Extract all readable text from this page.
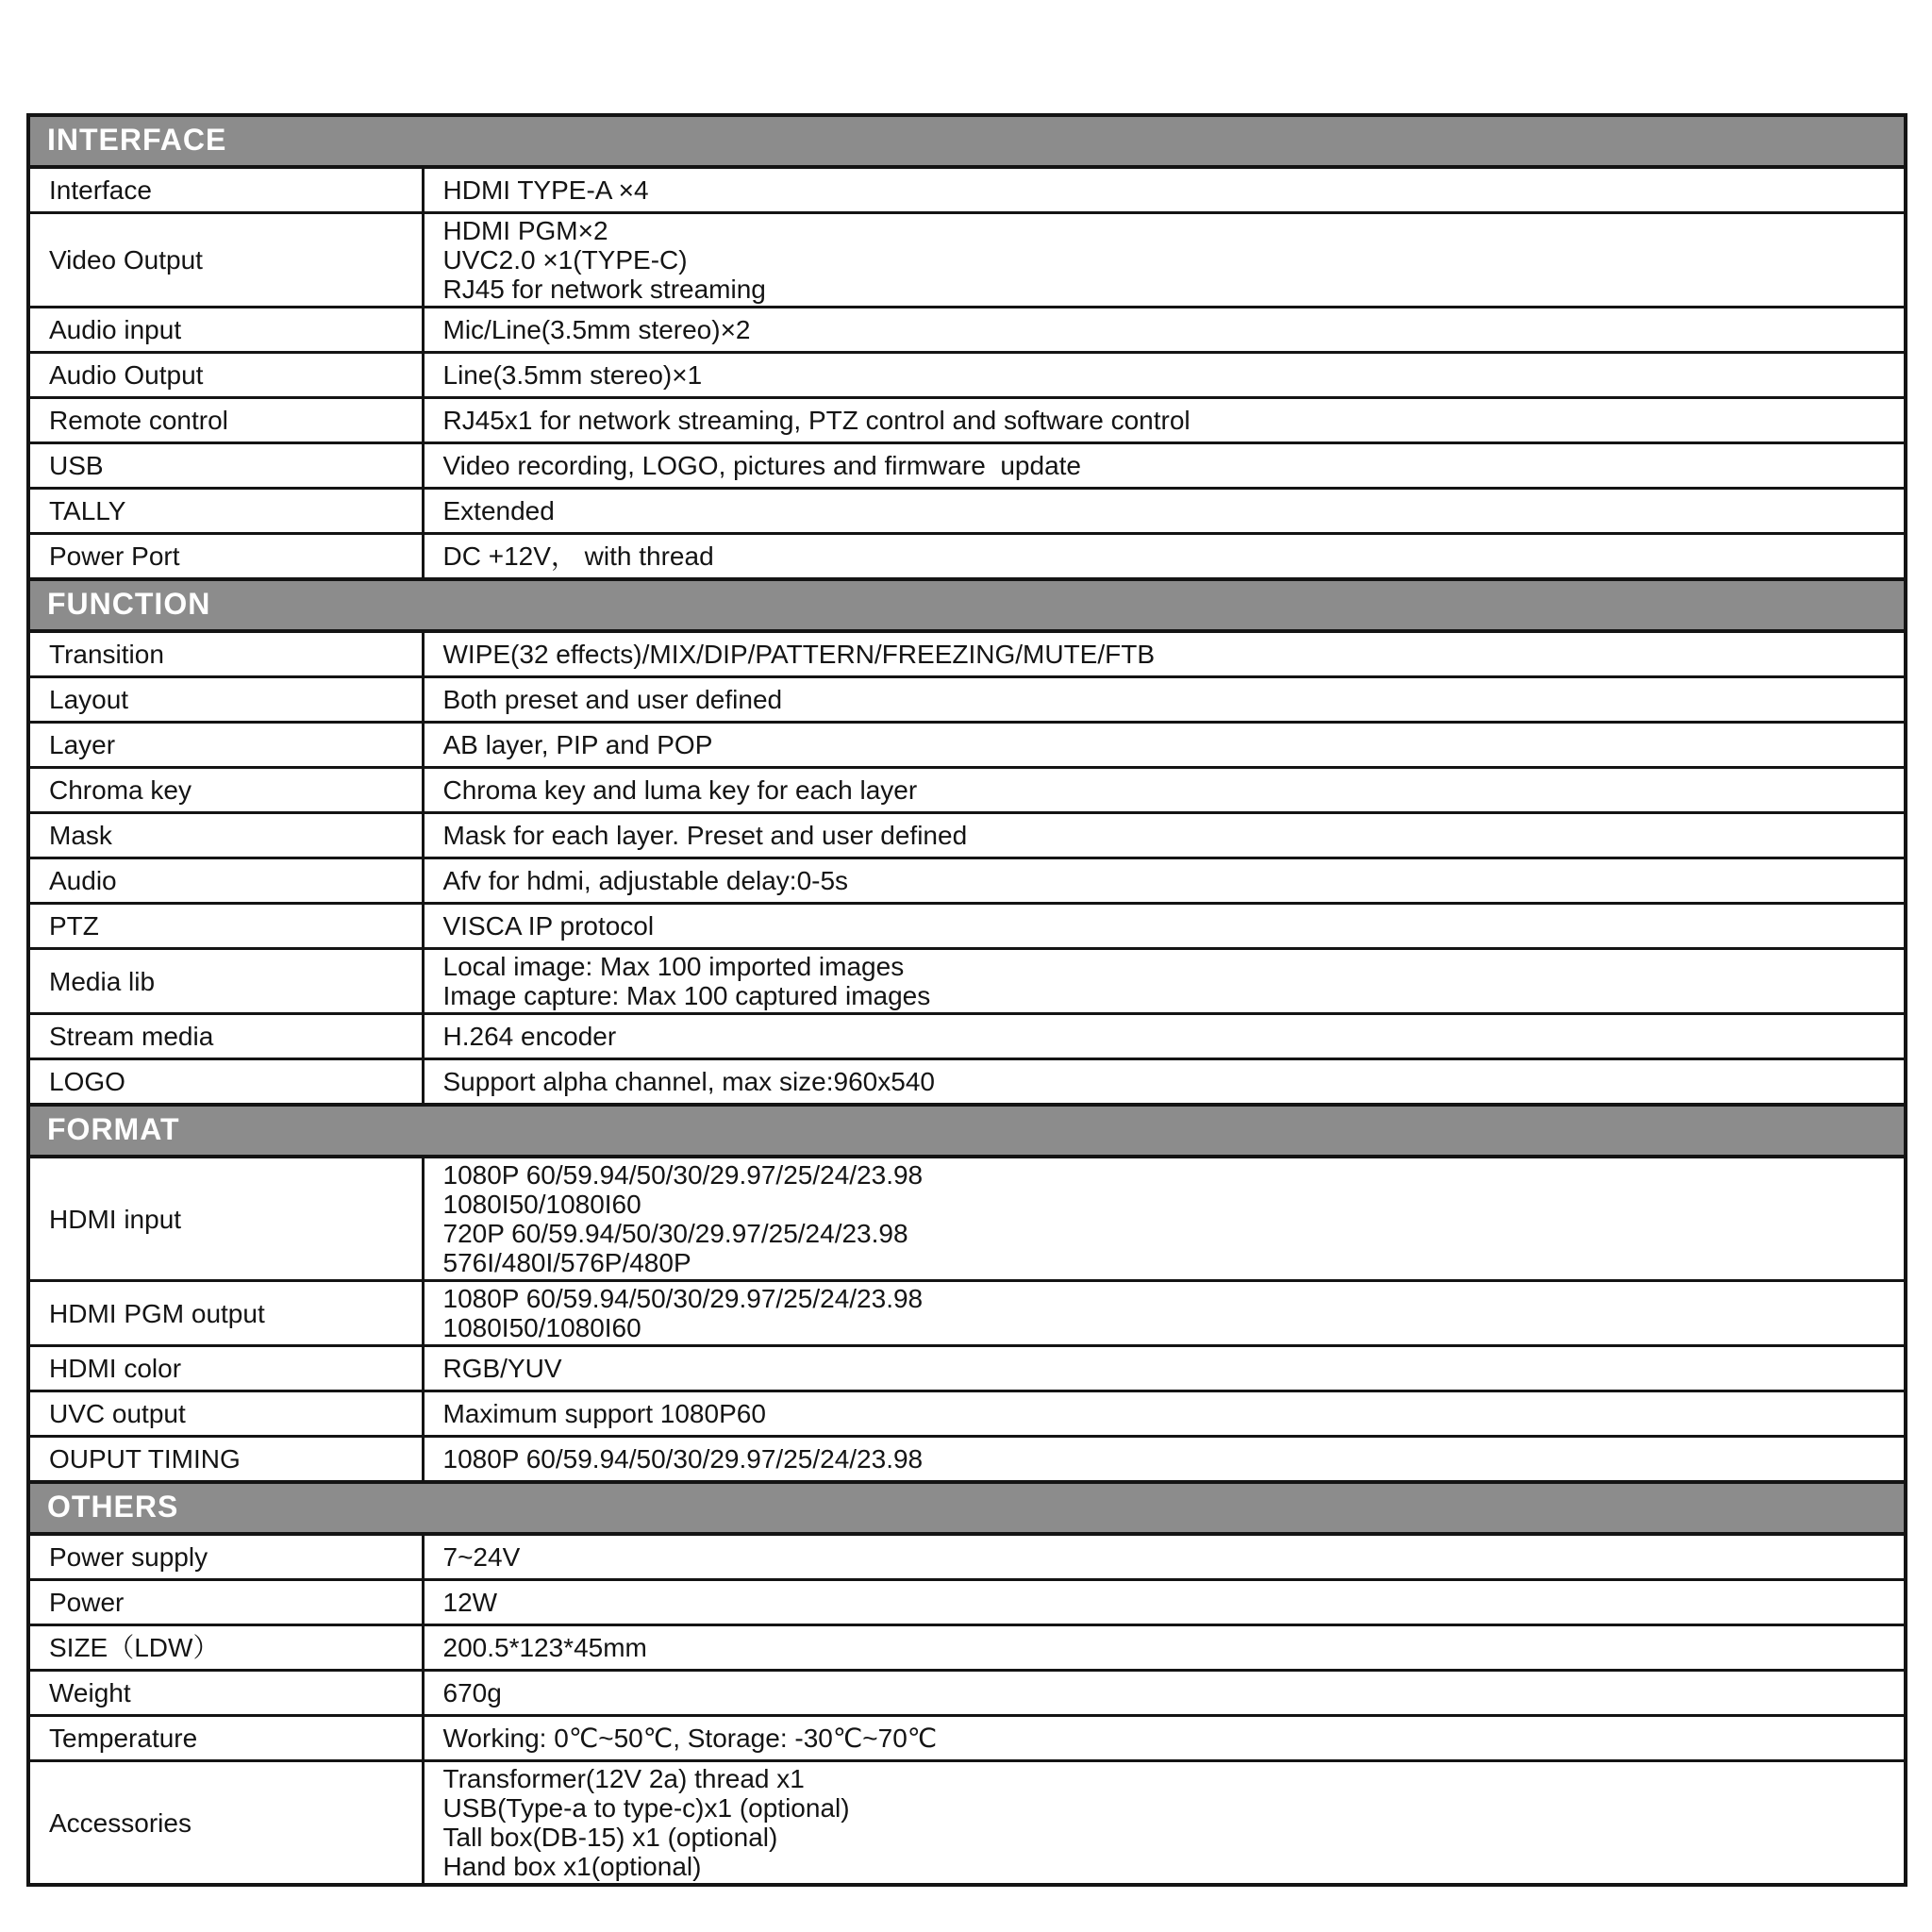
INTERFACE	
Interface	HDMI TYPE-A ×4

Video Output	HDMI PGM×2
UVC2.0 ×1(TYPE-C)
RJ45 for network streaming

Audio input	Mic/Line(3.5mm stereo)×2

Audio Output	Line(3.5mm stereo)×1

Remote control	RJ45x1 for network streaming, PTZ control and software control

USB	Video recording, LOGO, pictures and firmware  update

TALLY	Extended

Power Port	DC +12V， with thread

FUNCTION	
Transition	WIPE(32 effects)/MIX/DIP/PATTERN/FREEZING/MUTE/FTB

Layout	Both preset and user defined

Layer	AB layer, PIP and POP

Chroma key	Chroma key and luma key for each layer

Mask	Mask for each layer. Preset and user defined

Audio	Afv for hdmi, adjustable delay:0-5s

PTZ	VISCA IP protocol

Media lib	Local image: Max 100 imported images
Image capture: Max 100 captured images

Stream media	H.264 encoder

LOGO	Support alpha channel, max size:960x540

FORMAT	
HDMI input	1080P 60/59.94/50/30/29.97/25/24/23.98
1080I50/1080I60
720P 60/59.94/50/30/29.97/25/24/23.98
576I/480I/576P/480P

HDMI PGM output	1080P 60/59.94/50/30/29.97/25/24/23.98
1080I50/1080I60

HDMI color	RGB/YUV

UVC output	Maximum support 1080P60

OUPUT TIMING	1080P 60/59.94/50/30/29.97/25/24/23.98

OTHERS	
Power supply	7~24V

Power	12W

SIZE（LDW）	200.5*123*45mm

Weight	670g

Temperature	Working: 0℃~50℃, Storage: -30℃~70℃

Accessories	Transformer(12V 2a) thread x1
USB(Type-a to type-c)x1 (optional)
Tall box(DB-15) x1 (optional)
Hand box x1(optional)
